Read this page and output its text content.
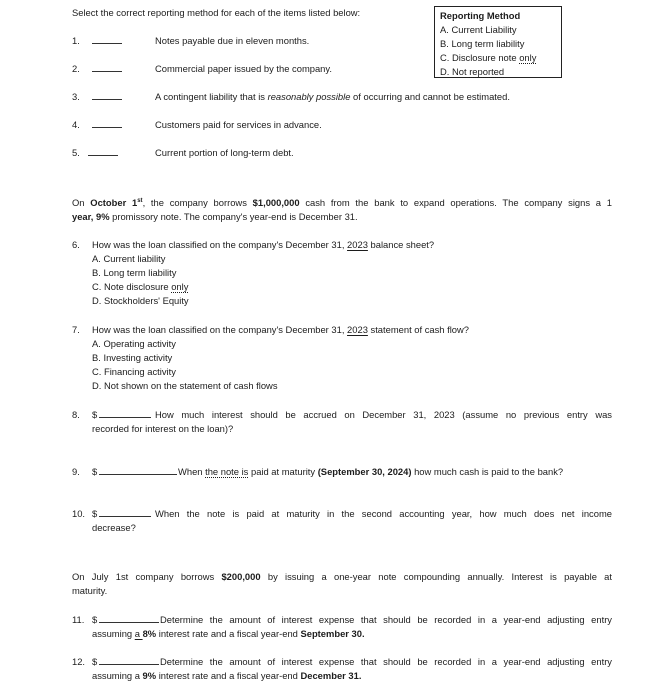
Select the correct reporting method for each of the items listed below:	Reporting Method
A. Current Liability
B. Long term liability
C. Disclosure note only
D. Not reported
1.	Notes payable due in eleven months.
2.	Commercial paper issued by the company.
3.	A contingent liability that is reasonably possible of occurring and cannot be estimated.
4.	Customers paid for services in advance.
5.	Current portion of long-term debt.
On October 1st, the company borrows $1,000,000 cash from the bank to expand operations. The company signs a 1
year, 9% promissory note. The company's year-end is December 31.
6. How was the loan classified on the company's December 31, 2023 balance sheet?
A. Current liability
B. Long term liability
C. Note disclosure only
D. Stockholders' Equity
7. How was the loan classified on the company's December 31, 2023 statement of cash flow?
A. Operating activity
B. Investing activity
C. Financing activity
D. Not shown on the statement of cash flows
8. $	How much interest should be accrued on December 31, 2023 (assume no previous entry was
recorded for interest on the loan)?
9. $	When the note is paid at maturity (September 30, 2024) how much cash is paid to the bank?
10. $	When the note is paid at maturity in the second accounting year, how much does net income
decrease?
On July 1st company borrows $200,000 by issuing a one-year note compounding annually. Interest is payable at
maturity.
11. $	Determine the amount of interest expense that should be recorded in a year-end adjusting entry
assuming a 8% interest rate and a fiscal year-end September 30.
12. $	Determine the amount of interest expense that should be recorded in a year-end adjusting entry
assuming a 9% interest rate and a fiscal year-end December 31.
